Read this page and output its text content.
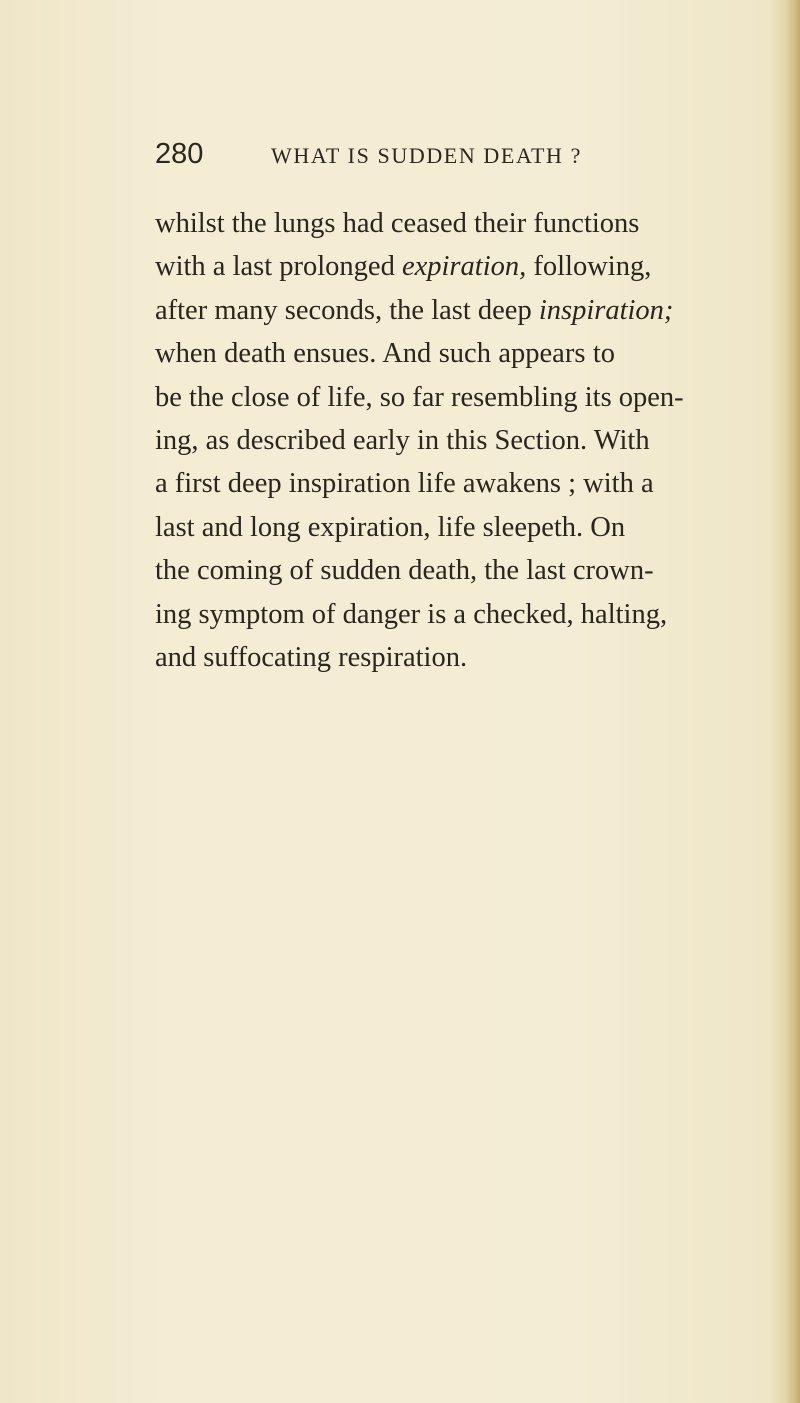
280	WHAT IS SUDDEN DEATH ?
whilst the lungs had ceased their functions
with a last prolonged expiration, following,
after many seconds, the last deep inspiration;
when death ensues. And such appears to
be the close of life, so far resembling its open-
ing, as described early in this Section. With
a first deep inspiration life awakens ; with a
last and long expiration, life sleepeth. On
the coming of sudden death, the last crown-
ing symptom of danger is a checked, halting,
and suffocating respiration.
